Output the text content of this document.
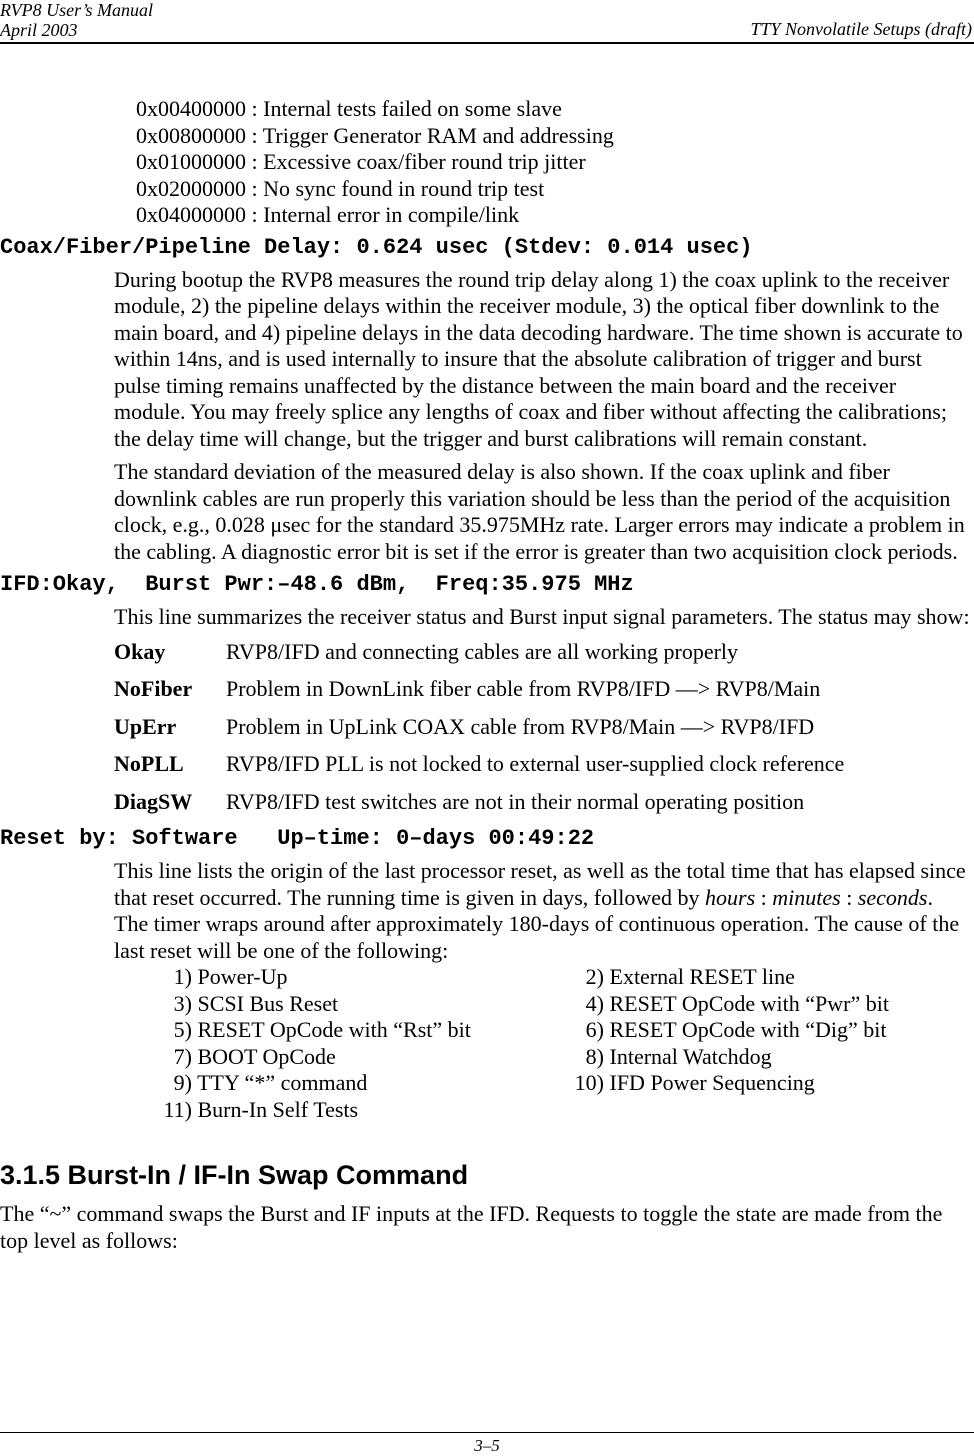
RVP8 User’s Manual
April 2003	TTY Nonvolatile Setups (draft)
0x00400000 : Internal tests failed on some slave
0x00800000 : Trigger Generator RAM and addressing
0x01000000 : Excessive coax/fiber round trip jitter
0x02000000 : No sync found in round trip test
0x04000000 : Internal error in compile/link
Coax/Fiber/Pipeline Delay: 0.624 usec (Stdev: 0.014 usec)

During bootup the RVP8 measures the round trip delay along 1) the coax uplink to the receiver module, 2) the pipeline delays within the receiver module, 3) the optical fiber downlink to the main board, and 4) pipeline delays in the data decoding hardware. The time shown is accurate to within 14ns, and is used internally to insure that the absolute calibration of trigger and burst pulse timing remains unaffected by the distance between the main board and the receiver module. You may freely splice any lengths of coax and fiber without affecting the calibrations; the delay time will change, but the trigger and burst calibrations will remain constant.

The standard deviation of the measured delay is also shown. If the coax uplink and fiber downlink cables are run properly this variation should be less than the period of the acquisition clock, e.g., 0.028 μsec for the standard 35.975MHz rate. Larger errors may indicate a problem in the cabling. A diagnostic error bit is set if the error is greater than two acquisition clock periods.

IFD:Okay,  Burst Pwr:–48.6 dBm,  Freq:35.975 MHz

This line summarizes the receiver status and Burst input signal parameters. The status may show:

Okay	RVP8/IFD and connecting cables are all working properly
NoFiber	Problem in DownLink fiber cable from RVP8/IFD —> RVP8/Main
UpErr	Problem in UpLink COAX cable from RVP8/Main —> RVP8/IFD
NoPLL	RVP8/IFD PLL is not locked to external user-supplied clock reference
DiagSW	RVP8/IFD test switches are not in their normal operating position
Reset by: Software   Up–time: 0–days 00:49:22

This line lists the origin of the last processor reset, as well as the total time that has elapsed since that reset occurred. The running time is given in days, followed by hours : minutes : seconds. The timer wraps around after approximately 180-days of continuous operation. The cause of the last reset will be one of the following:

1) Power-Up	2) External RESET line
3) SCSI Bus Reset	4) RESET OpCode with “Pwr” bit
5) RESET OpCode with “Rst” bit	6) RESET OpCode with “Dig” bit
7) BOOT OpCode	8) Internal Watchdog
9) TTY “*” command	10) IFD Power Sequencing
11) Burn-In Self Tests
3.1.5 Burst-In / IF-In Swap Command

The “~” command swaps the Burst and IF inputs at the IFD. Requests to toggle the state are made from the top level as follows:

3–5
